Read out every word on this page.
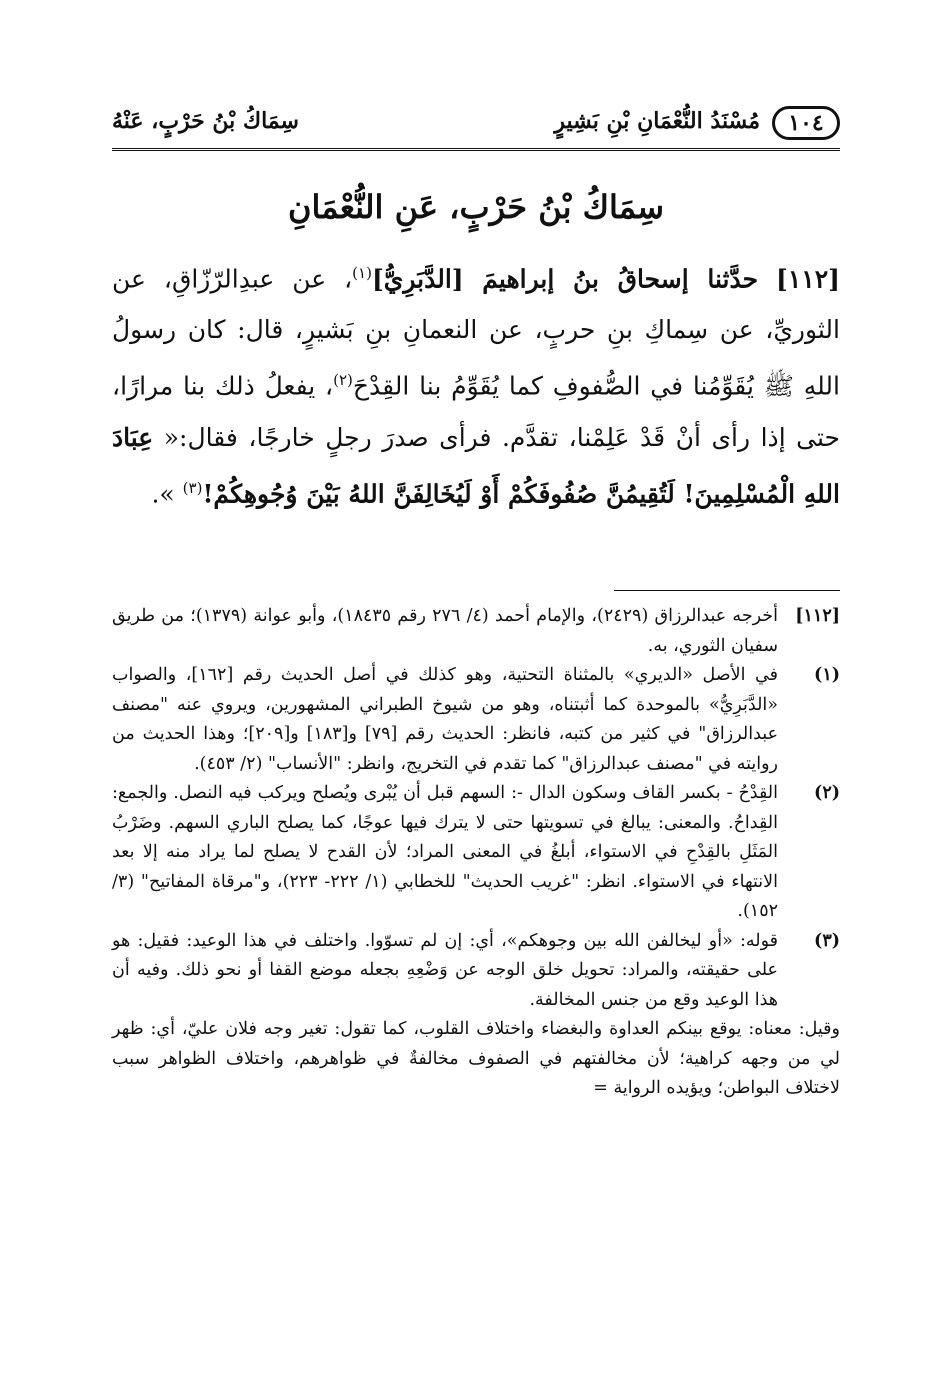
١٠٤
مُسْنَدُ النُّعْمَانِ بْنِ بَشِيرٍ
سِمَاكُ بْنُ حَرْبٍ، عَنْهُ
سِمَاكُ بْنُ حَرْبٍ، عَنِ النُّعْمَانِ

[١١٢] حدَّثنا إسحاقُ بنُ إبراهيمَ [الدَّبَرِيُّ]$^{(١)}$، عن عبدِالرّزّاقِ، عن الثوريِّ، عن سِماكِ بنِ حربٍ، عن النعمانِ بنِ بَشيرٍ، قال: كان رسولُ اللهِ ﷺ يُقَوِّمُنا في الصُّفوفِ كما يُقَوِّمُ بنا القِدْحَ$^{(٢)}$، يفعلُ ذلك بنا مرارًا، حتى إذا رأى أنْ قَدْ عَلِمْنا، تقدَّم. فرأى صدرَ رجلٍ خارجًا، فقال:« عِبَادَ اللهِ الْمُسْلِمِينَ! لَتُقِيمُنَّ صُفُوفَكُمْ أَوْ لَيُخَالِفَنَّ اللهُ بَيْنَ وُجُوهِكُمْ!$^{(٣)}$ ».

[١١٢]
أخرجه عبدالرزاق (٢٤٢٩)، والإمام أحمد (٤/ ٢٧٦ رقم ١٨٤٣٥)، وأبو عوانة (١٣٧٩)؛ من طريق سفيان الثوري، به.
(١)
في الأصل «الديري» بالمثناة التحتية، وهو كذلك في أصل الحديث رقم [١٦٢]، والصواب «الدَّبَرِيُّ» بالموحدة كما أثبتناه، وهو من شيوخ الطبراني المشهورين، ويروي عنه "مصنف عبدالرزاق" في كثير من كتبه، فانظر: الحديث رقم [٧٩] و[١٨٣] و[٢٠٩]؛ وهذا الحديث من روايته في "مصنف عبدالرزاق" كما تقدم في التخريج، وانظر: "الأنساب" (٢/ ٤٥٣).
(٢)
القِدْحُ - بكسر القاف وسكون الدال -: السهم قبل أن يُبْرى ويُصلح ويركب فيه النصل. والجمع: القِداحُ. والمعنى: يبالغ في تسويتها حتى لا يترك فيها عوجًا، كما يصلح الباري السهم. وضَرْبُ المَثَلِ بالقِدْحِ في الاستواء، أبلغُ في المعنى المراد؛ لأن القدح لا يصلح لما يراد منه إلا بعد الانتهاء في الاستواء. انظر: "غريب الحديث" للخطابي (١/ ٢٢٢- ٢٢٣)، و"مرقاة المفاتيح" (٣/ ١٥٢).
(٣)
قوله: «أو ليخالفن الله بين وجوهكم»، أي: إن لم تسوّوا. واختلف في هذا الوعيد: فقيل: هو على حقيقته، والمراد: تحويل خلق الوجه عن وَضْعِهِ بجعله موضع القفا أو نحو ذلك. وفيه أن هذا الوعيد وقع من جنس المخالفة.

وقيل: معناه: يوقع بينكم العداوة والبغضاء واختلاف القلوب، كما تقول: تغير وجه فلان عليّ، أي: ظهر لي من وجهه كراهية؛ لأن مخالفتهم في الصفوف مخالفةٌ في ظواهرهم، واختلاف الظواهر سبب لاختلاف البواطن؛ ويؤيده الرواية =
